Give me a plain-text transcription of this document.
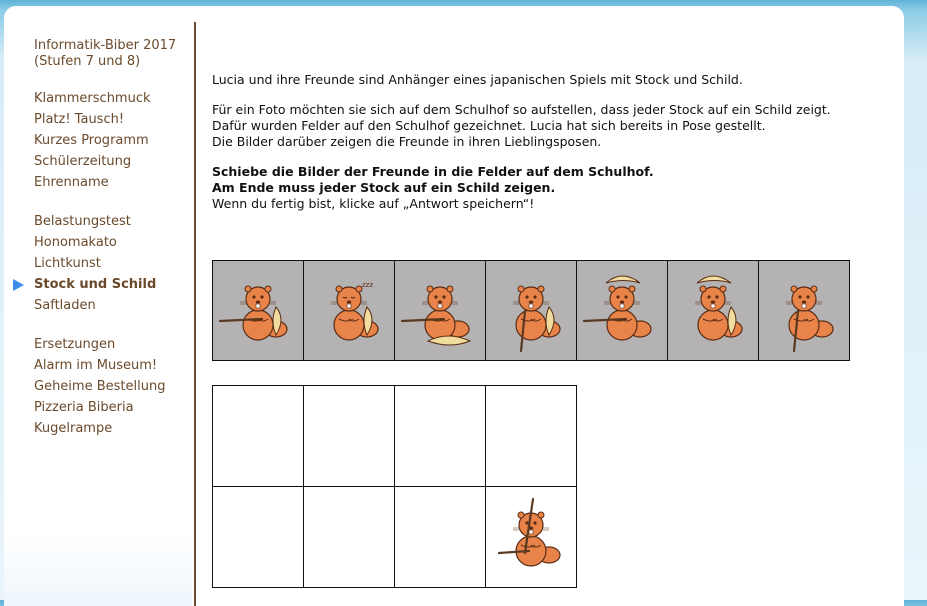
Informatik-Biber 2017
(Stufen 7 und 8)
Klammerschmuck
Platz! Tausch!
Kurzes Programm
Schülerzeitung
Ehrenname
Belastungstest
Honomakato
Lichtkunst
Stock und Schild
Saftladen
Ersetzungen
Alarm im Museum!
Geheime Bestellung
Pizzeria Biberia
Kugelrampe

Lucia und ihre Freunde sind Anhänger eines japanischen Spiels mit Stock und Schild.

Für ein Foto möchten sie sich auf dem Schulhof so aufstellen, dass jeder Stock auf ein Schild zeigt.
Dafür wurden Felder auf den Schulhof gezeichnet. Lucia hat sich bereits in Pose gestellt.
Die Bilder darüber zeigen die Freunde in ihren Lieblingsposen.

Schiebe die Bilder der Freunde in die Felder auf dem Schulhof.
Am Ende muss jeder Stock auf ein Schild zeigen.
Wenn du fertig bist, klicke auf „Antwort speichern“!

zzz
